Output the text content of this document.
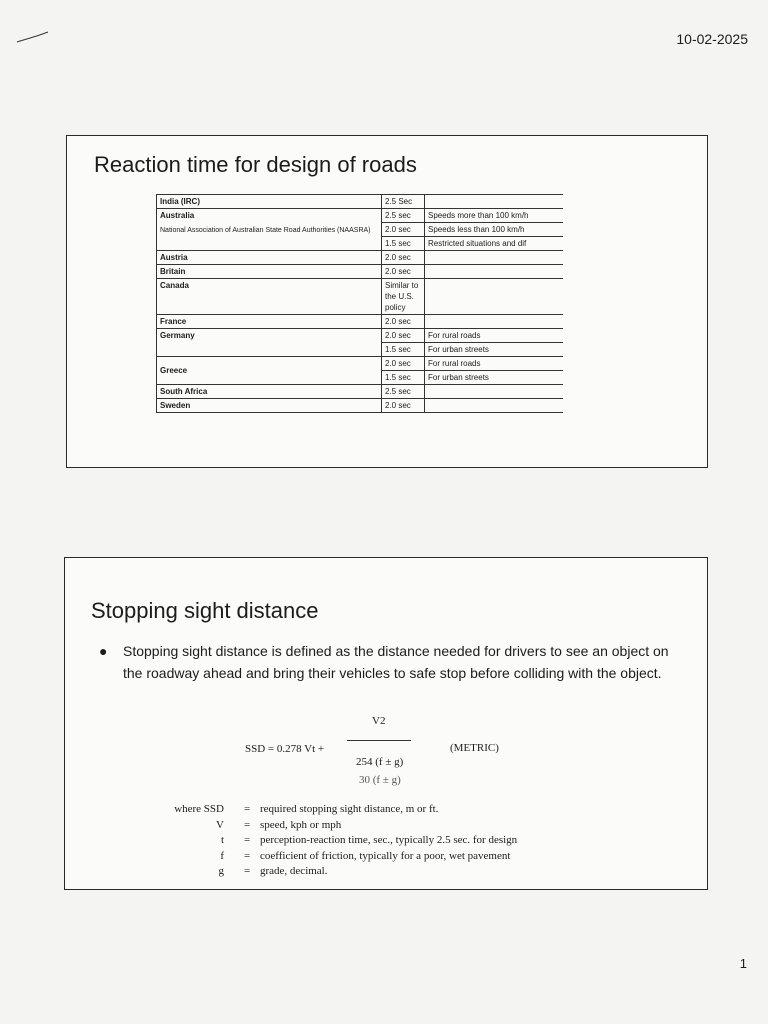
10-02-2025
Reaction time for design of roads
India (IRC)	2.5 Sec	
Australia
National Association of Australian State Road Authorities (NAASRA)	2.5 sec	Speeds more than 100 km/h
	2.0 sec	Speeds less than 100 km/h
	1.5 sec	Restricted situations and dif
Austria	2.0 sec	
Britain	2.0 sec	
Canada	Similar to the U.S. policy	
France	2.0 sec	
Germany	2.0 sec	For rural roads
	1.5 sec	For urban streets
Greece	2.0 sec	For rural roads
	1.5 sec	For urban streets
South Africa	2.5 sec	
Sweden	2.0 sec	
Stopping sight distance
● Stopping sight distance is defined as the distance needed for drivers to see an object on the roadway ahead and bring their vehicles to safe stop before colliding with the object.
V2
SSD = 0.278 Vt +	(METRIC)
254 (f ± g)
30 (f ± g)
where SSD = required stopping sight distance, m or ft.
V = speed, kph or mph
t = perception-reaction time, sec., typically 2.5 sec. for design
f = coefficient of friction, typically for a poor, wet pavement
g = grade, decimal.
1
